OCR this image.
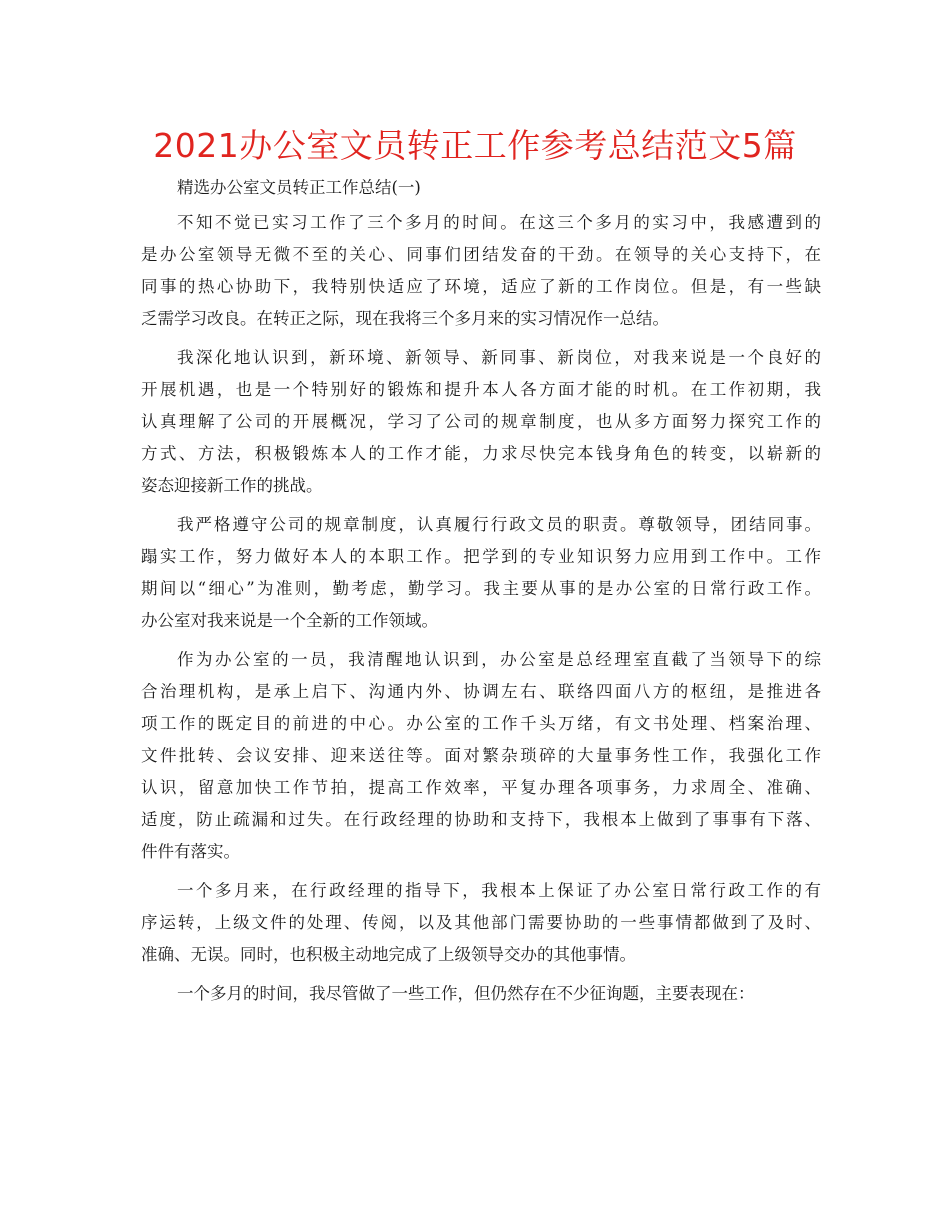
2021办公室文员转正工作参考总结范文5篇
精选办公室文员转正工作总结(一)
不知不觉已实习工作了三个多月的时间。在这三个多月的实习中，我感遭到的
是办公室领导无微不至的关心、同事们团结发奋的干劲。在领导的关心支持下，在
同事的热心协助下，我特别快适应了环境，适应了新的工作岗位。但是，有一些缺
乏需学习改良。在转正之际，现在我将三个多月来的实习情况作一总结。
我深化地认识到，新环境、新领导、新同事、新岗位，对我来说是一个良好的
开展机遇，也是一个特别好的锻炼和提升本人各方面才能的时机。在工作初期，我
认真理解了公司的开展概况，学习了公司的规章制度，也从多方面努力探究工作的
方式、方法，积极锻炼本人的工作才能，力求尽快完本钱身角色的转变，以崭新的
姿态迎接新工作的挑战。
我严格遵守公司的规章制度，认真履行行政文员的职责。尊敬领导，团结同事。
蹋实工作，努力做好本人的本职工作。把学到的专业知识努力应用到工作中。工作
期间以“细心”为准则，勤考虑，勤学习。我主要从事的是办公室的日常行政工作。
办公室对我来说是一个全新的工作领域。
作为办公室的一员，我清醒地认识到，办公室是总经理室直截了当领导下的综
合治理机构，是承上启下、沟通内外、协调左右、联络四面八方的枢纽，是推进各
项工作的既定目的前进的中心。办公室的工作千头万绪，有文书处理、档案治理、
文件批转、会议安排、迎来送往等。面对繁杂琐碎的大量事务性工作，我强化工作
认识，留意加快工作节拍，提高工作效率，平复办理各项事务，力求周全、准确、
适度，防止疏漏和过失。在行政经理的协助和支持下，我根本上做到了事事有下落、
件件有落实。
一个多月来，在行政经理的指导下，我根本上保证了办公室日常行政工作的有
序运转，上级文件的处理、传阅，以及其他部门需要协助的一些事情都做到了及时、
准确、无误。同时，也积极主动地完成了上级领导交办的其他事情。
一个多月的时间，我尽管做了一些工作，但仍然存在不少征询题，主要表现在：
